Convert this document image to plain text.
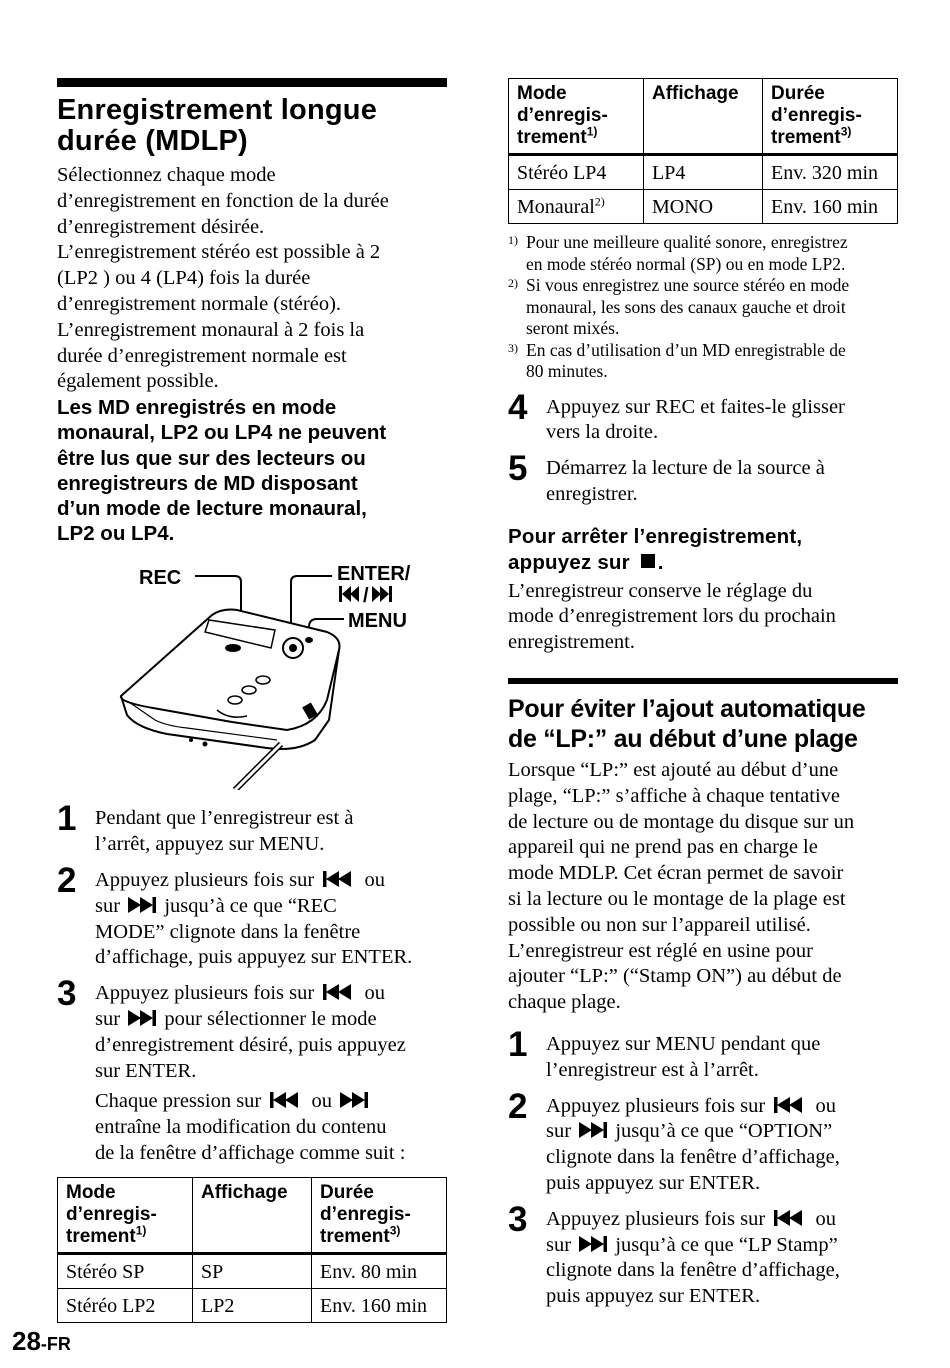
Enregistrement longue durée (MDLP)

Sélectionnez chaque mode

d’enregistrement en fonction de la durée

d’enregistrement désirée.

L’enregistrement stéréo est possible à 2

(LP2 ) ou 4 (LP4) fois la durée

d’enregistrement normale (stéréo).

L’enregistrement monaural à 2 fois la

durée d’enregistrement normale est

également possible.

Les MD enregistrés en mode

monaural, LP2 ou LP4 ne peuvent

être lus que sur des lecteurs ou

enregistreurs de MD disposant

d’un mode de lecture monaural,

LP2 ou LP4.

REC	ENTER/
/
MENU
1 Pendant que l’enregistreur est à
l’arrêt, appuyez sur MENU.
2 Appuyez plusieurs fois sur ou
sur jusqu’à ce que “REC
MODE” clignote dans la fenêtre
d’affichage, puis appuyez sur ENTER.
3 Appuyez plusieurs fois sur ou
sur pour sélectionner le mode
d’enregistrement désiré, puis appuyez
sur ENTER.
Chaque pression sur ou
entraîne la modification du contenu
de la fenêtre d’affichage comme suit :
Mode
d’enregis-
trement$^{1)}$	Affichage	Durée
d’enregis-
trement$^{3)}$
Stéréo SP	SP	Env. 80 min
Stéréo LP2	LP2	Env. 160 min
Mode
d’enregis-
trement$^{1)}$	Affichage	Durée
d’enregis-
trement$^{3)}$
Stéréo LP4	LP4	Env. 320 min
Monaural$^{2)}$	MONO	Env. 160 min
1) Pour une meilleure qualité sonore, enregistrez
en mode stéréo normal (SP) ou en mode LP2.
2) Si vous enregistrez une source stéréo en mode
monaural, les sons des canaux gauche et droit
seront mixés.
3) En cas d’utilisation d’un MD enregistrable de
80 minutes.
4 Appuyez sur REC et faites-le glisser
vers la droite.
5 Démarrez la lecture de la source à
enregistrer.
Pour arrêter l’enregistrement,
appuyez sur .

L’enregistreur conserve le réglage du

mode d’enregistrement lors du prochain

enregistrement.

Pour éviter l’ajout automatique
de “LP:” au début d’une plage

Lorsque “LP:” est ajouté au début d’une

plage, “LP:” s’affiche à chaque tentative

de lecture ou de montage du disque sur un

appareil qui ne prend pas en charge le

mode MDLP. Cet écran permet de savoir

si la lecture ou le montage de la plage est

possible ou non sur l’appareil utilisé.

L’enregistreur est réglé en usine pour

ajouter “LP:” (“Stamp ON”) au début de

chaque plage.

1 Appuyez sur MENU pendant que
l’enregistreur est à l’arrêt.
2 Appuyez plusieurs fois sur ou
sur jusqu’à ce que “OPTION”
clignote dans la fenêtre d’affichage,
puis appuyez sur ENTER.
3 Appuyez plusieurs fois sur ou
sur jusqu’à ce que “LP Stamp”
clignote dans la fenêtre d’affichage,
puis appuyez sur ENTER.
28-FR
